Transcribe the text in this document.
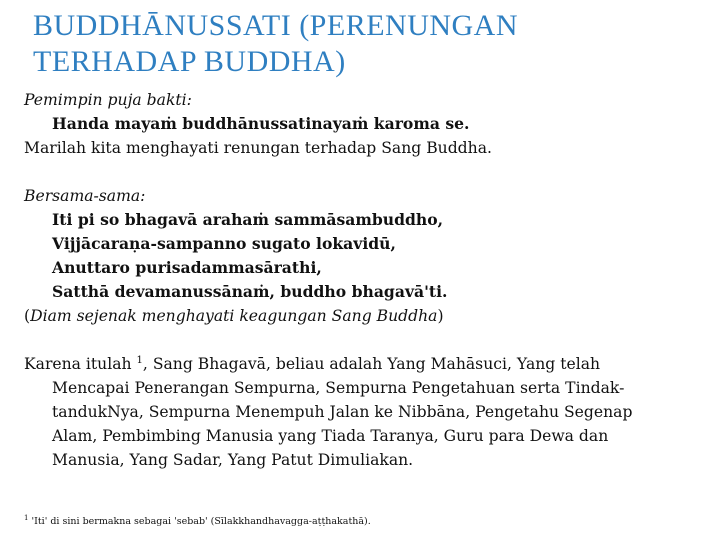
BUDDHĀNUSSATI (PERENUNGAN
TERHADAP BUDDHA)
Pemimpin puja bakti:
Handa mayaṁ buddhānussatinayaṁ karoma se.
Marilah kita menghayati renungan terhadap Sang Buddha.
Bersama-sama:
Iti pi so bhagavā arahaṁ sammāsambuddho,
Vijjācaraṇa-sampanno sugato lokavidū,
Anuttaro purisadammasārathi,
Satthā devamanussānaṁ, buddho bhagavā'ti.
(Diam sejenak menghayati keagungan Sang Buddha)
Karena itulah $^1$, Sang Bhagavā, beliau adalah Yang Mahāsuci, Yang telah
Mencapai Penerangan Sempurna, Sempurna Pengetahuan serta Tindak-
tanduk​Nya, Sempurna Menempuh Jalan ke Nibbāna, Pengetahu Segenap
Alam, Pembimbing Manusia yang Tiada Taranya, Guru para Dewa dan
Manusia, Yang Sadar, Yang Patut Dimuliakan.
$^1$ 'Iti' di sini bermakna sebagai 'sebab' (Sīlakkhandhavagga-aṭṭhakathā).
